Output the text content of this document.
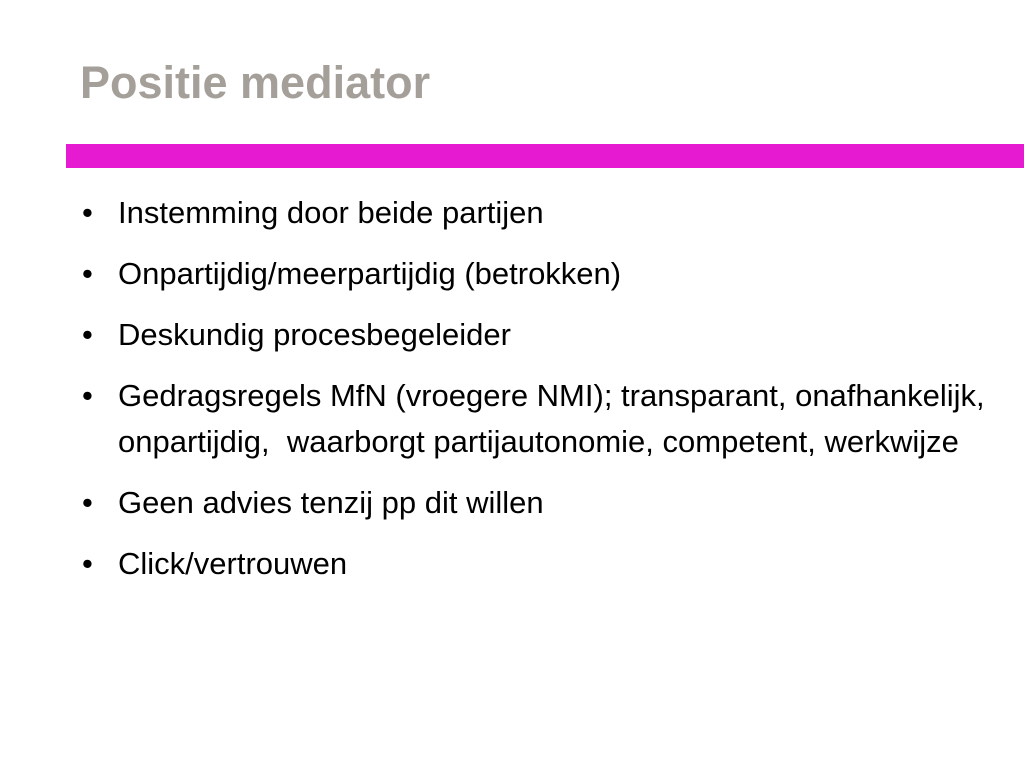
Positie mediator
• Instemming door beide partijen
• Onpartijdig/meerpartijdig (betrokken)
• Deskundig procesbegeleider
• Gedragsregels MfN (vroegere NMI); transparant, onafhankelijk, onpartijdig,  waarborgt partijautonomie, competent, werkwijze
• Geen advies tenzij pp dit willen
• Click/vertrouwen
